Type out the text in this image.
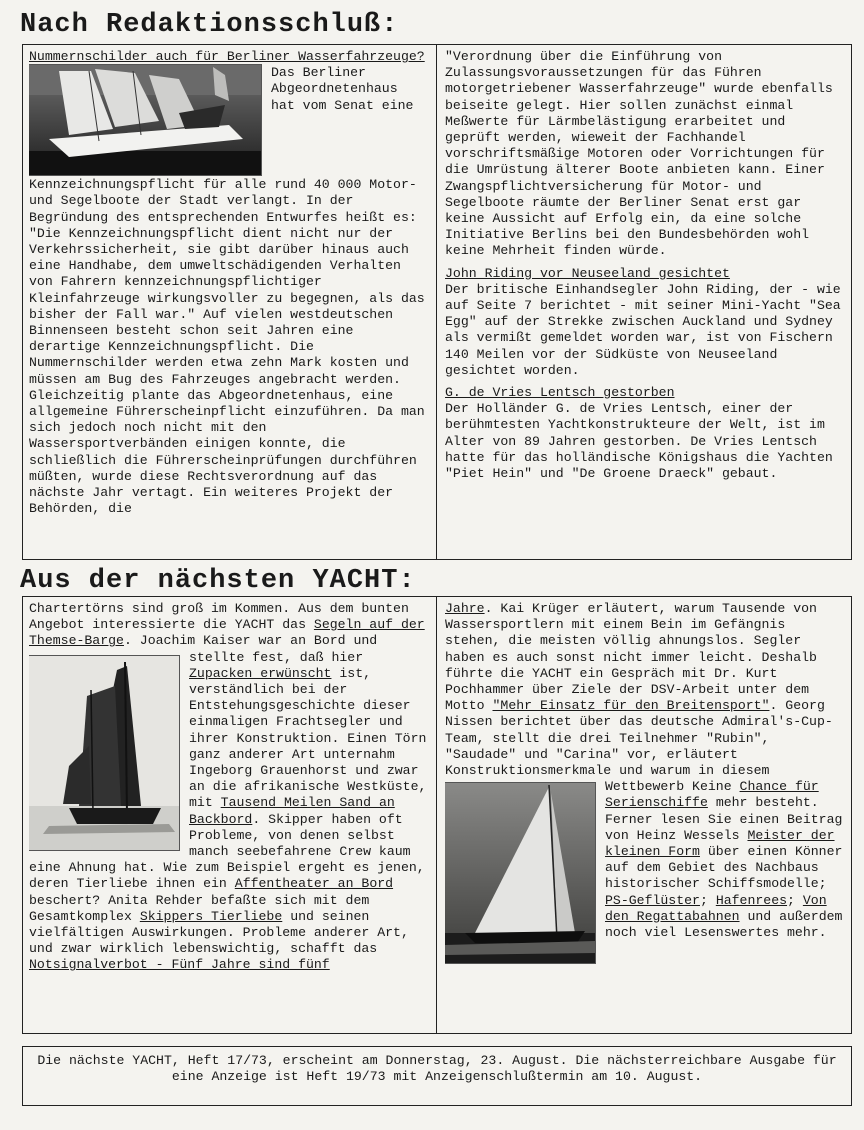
Nach Redaktionsschluß:
Nummernschilder auch für Berliner Wasserfahrzeuge?
Das Berliner Abgeordnetenhaus hat vom Senat eine Kennzeichnungspflicht für alle rund 40 000 Motor- und Segelboote der Stadt verlangt. In der Begründung des entsprechenden Entwurfes heißt es: "Die Kennzeichnungspflicht dient nicht nur der Verkehrssicherheit, sie gibt darüber hinaus auch eine Handhabe, dem umweltschädigenden Verhalten von Fahrern kennzeichnungspflichtiger Kleinfahrzeuge wirkungsvoller zu begegnen, als das bisher der Fall war." Auf vielen westdeutschen Binnenseen besteht schon seit Jahren eine derartige Kennzeichnungspflicht. Die Nummernschilder werden etwa zehn Mark kosten und müssen am Bug des Fahrzeuges angebracht werden. Gleichzeitig plante das Abgeordnetenhaus, eine allgemeine Führerscheinpflicht einzuführen. Da man sich jedoch noch nicht mit den Wassersportverbänden einigen konnte, die schließlich die Führerscheinprüfungen durchführen müßten, wurde diese Rechtsverordnung auf das nächste Jahr vertagt. Ein weiteres Projekt der Behörden, die

"Verordnung über die Einführung von Zulassungsvoraussetzungen für das Führen motorgetriebener Wasserfahrzeuge" wurde ebenfalls beiseite gelegt. Hier sollen zunächst einmal Meßwerte für Lärmbelästigung erarbeitet und geprüft werden, wieweit der Fachhandel vorschriftsmäßige Motoren oder Vorrichtungen für die Umrüstung älterer Boote anbieten kann. Einer Zwangspflichtversicherung für Motor- und Segelboote räumte der Berliner Senat erst gar keine Aussicht auf Erfolg ein, da eine solche Initiative Berlins bei den Bundesbehörden wohl keine Mehrheit finden würde.

John Riding vor Neuseeland gesichtet

Der britische Einhandsegler John Riding, der - wie auf Seite 7 berichtet - mit seiner Mini-Yacht "Sea Egg" auf der Strekke zwischen Auckland und Sydney als vermißt gemeldet worden war, ist von Fischern 140 Meilen vor der Südküste von Neuseeland gesichtet worden.

G. de Vries Lentsch gestorben

Der Holländer G. de Vries Lentsch, einer der berühmtesten Yachtkonstrukteure der Welt, ist im Alter von 89 Jahren gestorben. De Vries Lentsch hatte für das holländische Königshaus die Yachten "Piet Hein" und "De Groene Draeck" gebaut.

Aus der nächsten YACHT:
Chartertörns sind groß im Kommen. Aus dem bunten Angebot interessierte die YACHT das Segeln auf der Themse-Barge. Joachim Kaiser war an Bord und stellte fest, daß hier
Zupacken erwünscht ist, verständlich bei der Entstehungsgeschichte dieser einmaligen Frachtsegler und ihrer Konstruktion. Einen Törn ganz anderer Art unternahm Ingeborg Grauenhorst und zwar an die afrikanische Westküste, mit Tausend Meilen Sand an Backbord. Skipper haben oft Probleme, von denen selbst manch seebefahrene Crew kaum eine Ahnung hat. Wie zum Beispiel ergeht es jenen, deren Tierliebe ihnen ein Affentheater an Bord beschert? Anita Rehder befaßte sich mit dem Gesamtkomplex Skippers Tierliebe und seinen vielfältigen Auswirkungen. Probleme anderer Art, und zwar wirklich lebenswichtig, schafft das Notsignalverbot - Fünf Jahre sind fünf
Jahre. Kai Krüger erläutert, warum Tausende von Wassersportlern mit einem Bein im Gefängnis stehen, die meisten völlig ahnungslos. Segler haben es auch sonst nicht immer leicht. Deshalb führte die YACHT ein Gespräch mit Dr. Kurt Pochhammer über Ziele der DSV-Arbeit unter dem Motto "Mehr Einsatz für den Breitensport". Georg Nissen berichtet über das deutsche Admiral's-Cup-Team, stellt die drei Teilnehmer "Rubin", "Saudade" und "Carina" vor, erläutert Konstruktionsmerkmale und warum in diesem Wettbewerb Keine Chance für Serienschiffe mehr besteht. Ferner lesen Sie einen Beitrag von Heinz Wessels Meister der kleinen Form über einen Könner auf dem Gebiet des Nachbaus historischer Schiffsmodelle; PS-Geflüster; Hafenrees; Von den Regattabahnen und außerdem noch viel Lesenswertes mehr.
Die nächste YACHT, Heft 17/73, erscheint am Donnerstag, 23. August. Die nächsterreichbare Ausgabe für eine Anzeige ist Heft 19/73 mit Anzeigenschlußtermin am 10. August.
